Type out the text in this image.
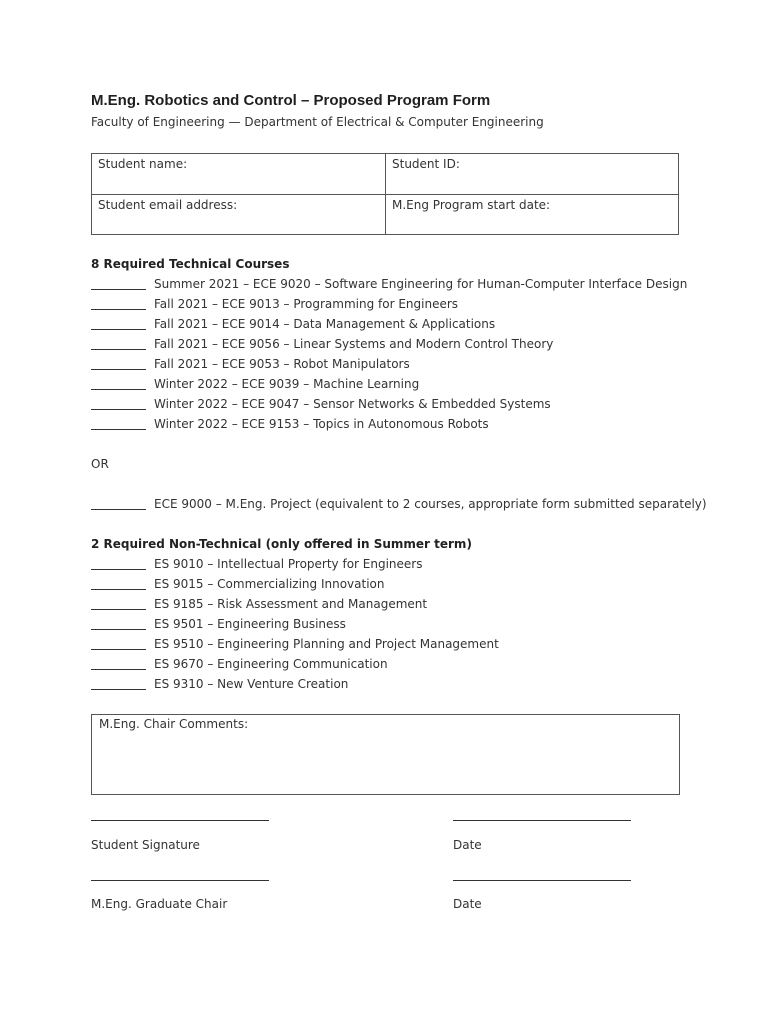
M.Eng. Robotics and Control – Proposed Program Form
Faculty of Engineering — Department of Electrical & Computer Engineering
Student name:	Student ID:
Student email address:	M.Eng Program start date:
8 Required Technical Courses
Summer 2021 – ECE 9020 – Software Engineering for Human-Computer Interface Design
Fall 2021 – ECE 9013 – Programming for Engineers
Fall 2021 – ECE 9014 – Data Management & Applications
Fall 2021 – ECE 9056 – Linear Systems and Modern Control Theory
Fall 2021 – ECE 9053 – Robot Manipulators
Winter 2022 – ECE 9039 – Machine Learning
Winter 2022 – ECE 9047 – Sensor Networks & Embedded Systems
Winter 2022 – ECE 9153 – Topics in Autonomous Robots
OR
ECE 9000 – M.Eng. Project (equivalent to 2 courses, appropriate form submitted separately)
2 Required Non-Technical (only offered in Summer term)
ES 9010 – Intellectual Property for Engineers
ES 9015 – Commercializing Innovation
ES 9185 – Risk Assessment and Management
ES 9501 – Engineering Business
ES 9510 – Engineering Planning and Project Management
ES 9670 – Engineering Communication
ES 9310 – New Venture Creation
M.Eng. Chair Comments:
Student Signature	Date
M.Eng. Graduate Chair	Date
